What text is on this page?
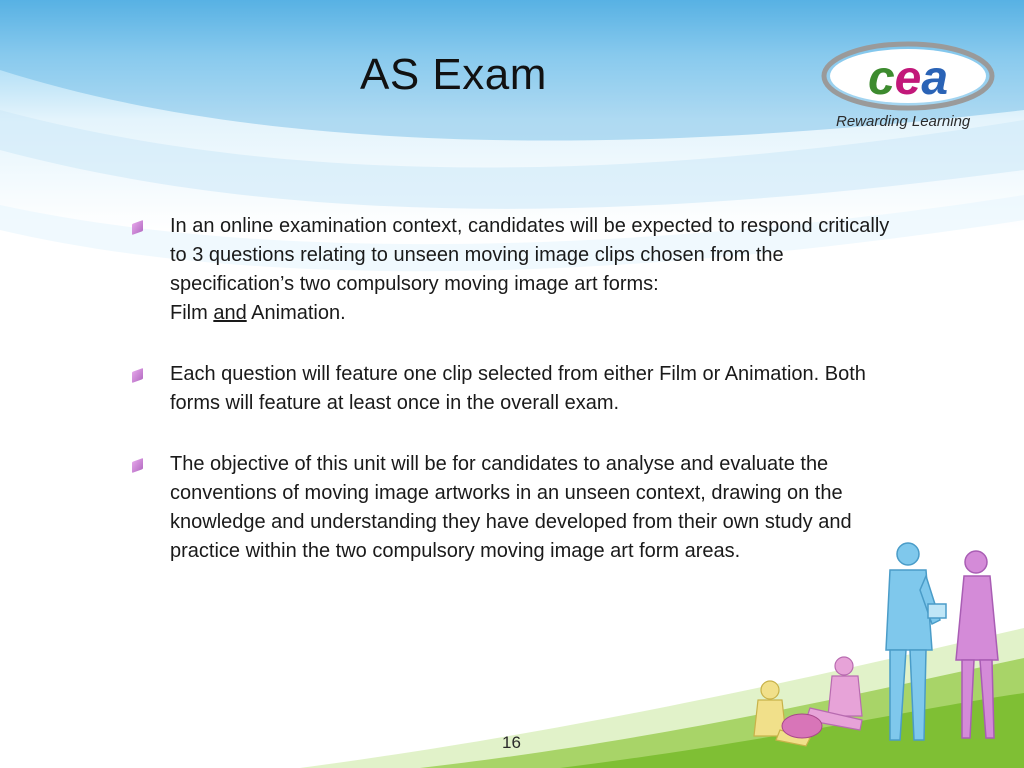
AS Exam	cea
Rewarding Learning

In an online examination context, candidates will be expected to respond critically to 3 questions relating to unseen moving image clips chosen from the specification’s two compulsory moving image art forms:

Film and Animation.

Each question will feature one clip selected from either Film or Animation. Both forms will feature at least once in the overall exam.

The objective of this unit will be for candidates to analyse and evaluate the conventions of moving image artworks in an unseen context, drawing on the knowledge and understanding they have developed from their own study and practice within the two compulsory moving image art form areas.

16
